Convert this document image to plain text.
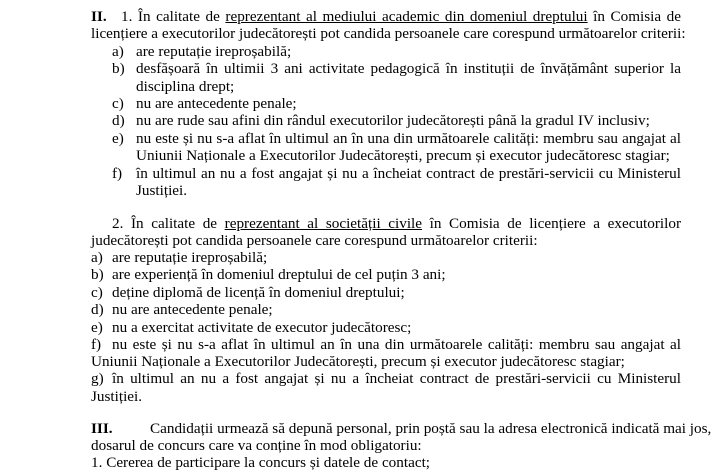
II. 1. În calitate de reprezentant al mediului academic din domeniul dreptului în Comisia de
licențiere a executorilor judecătorești pot candida persoanele care corespund următoarelor criterii:
a) are reputație ireproșabilă;
b) desfășoară în ultimii 3 ani activitate pedagogică în instituții de învățământ superior la
disciplina drept;
c) nu are antecedente penale;
d) nu are rude sau afini din rândul executorilor judecătorești până la gradul IV inclusiv;
e) nu este și nu s-a aflat în ultimul an în una din următoarele calități: membru sau angajat al
Uniunii Naționale a Executorilor Judecătorești, precum și executor judecătoresc stagiar;
f) în ultimul an nu a fost angajat și nu a încheiat contract de prestări-servicii cu Ministerul
Justiției.
2. În calitate de reprezentant al societății civile în Comisia de licențiere a executorilor
judecătorești pot candida persoanele care corespund următoarelor criterii:
a) are reputație ireproșabilă;
b) are experiență în domeniul dreptului de cel puțin 3 ani;
c) deține diplomă de licență în domeniul dreptului;
d) nu are antecedente penale;
e) nu a exercitat activitate de executor judecătoresc;
f) nu este și nu s-a aflat în ultimul an în una din următoarele calități: membru sau angajat al
Uniunii Naționale a Executorilor Judecătorești, precum și executor judecătoresc stagiar;
g) în ultimul an nu a fost angajat și nu a încheiat contract de prestări-servicii cu Ministerul
Justiției.
III. Candidații urmează să depună personal, prin poștă sau la adresa electronică indicată mai jos,
dosarul de concurs care va conține în mod obligatoriu:
1. Cererea de participare la concurs și datele de contact;
